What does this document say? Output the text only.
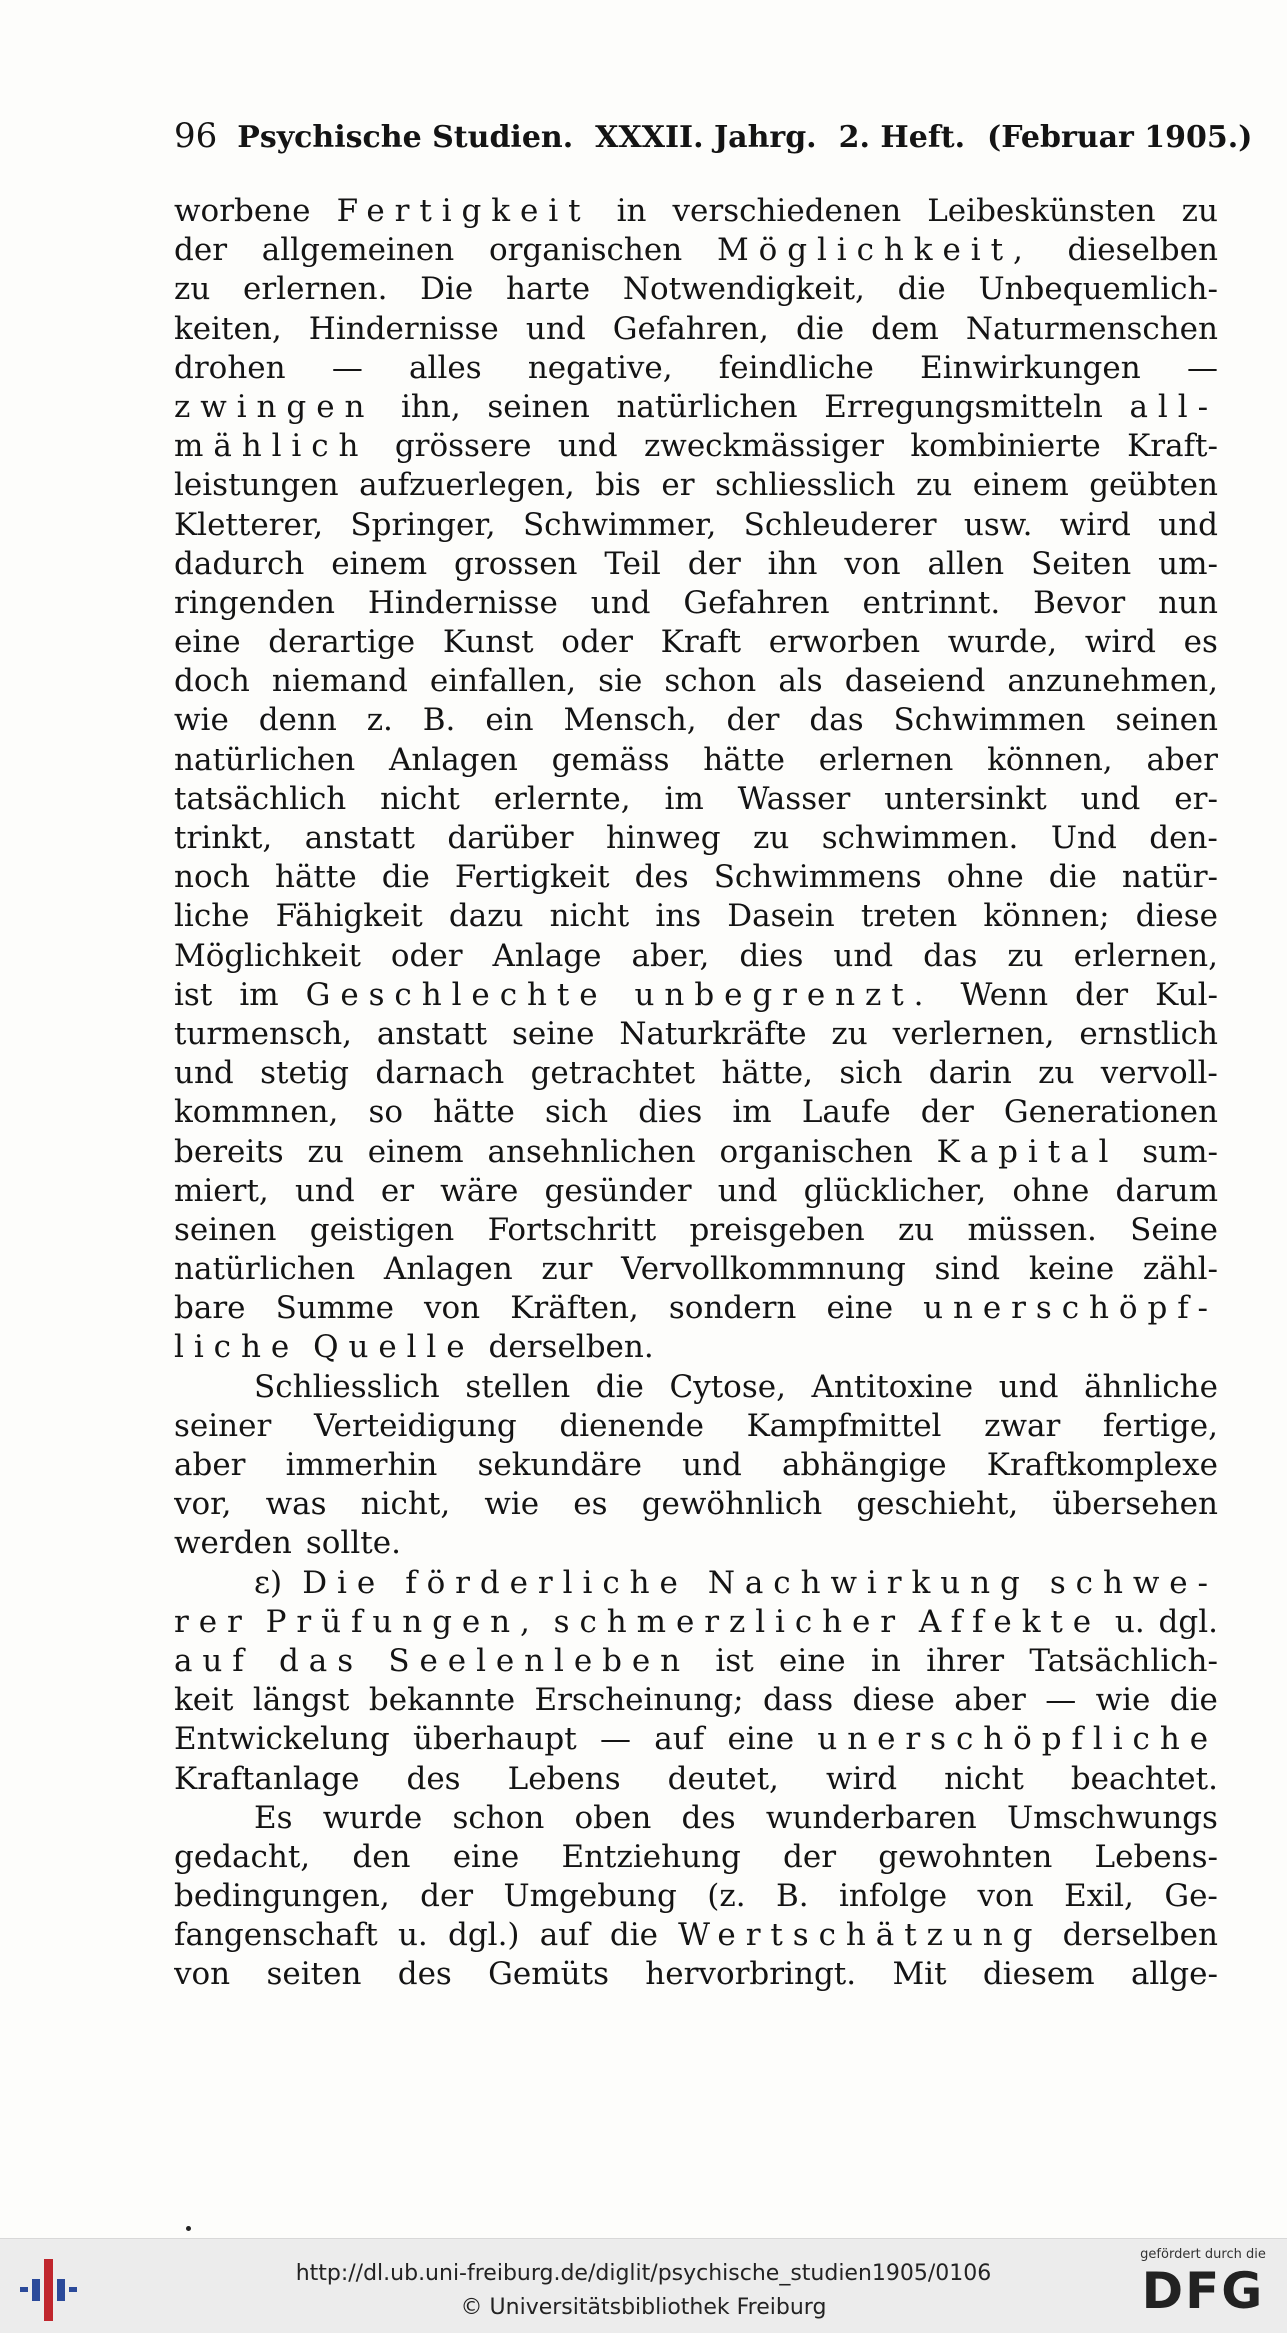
96 Psychische Studien. XXXII. Jahrg. 2. Heft. (Februar 1905.)
worbene Fertigkeit in verschiedenen Leibeskünsten zu
der allgemeinen organischen Möglichkeit, dieselben
zu erlernen. Die harte Notwendigkeit, die Unbequemlich-
keiten, Hindernisse und Gefahren, die dem Naturmenschen
drohen — alles negative, feindliche Einwirkungen —
zwingen ihn, seinen natürlichen Erregungsmitteln all-
mählich grössere und zweckmässiger kombinierte Kraft-
leistungen aufzuerlegen, bis er schliesslich zu einem geübten
Kletterer, Springer, Schwimmer, Schleuderer usw. wird und
dadurch einem grossen Teil der ihn von allen Seiten um-
ringenden Hindernisse und Gefahren entrinnt. Bevor nun
eine derartige Kunst oder Kraft erworben wurde, wird es
doch niemand einfallen, sie schon als daseiend anzunehmen,
wie denn z. B. ein Mensch, der das Schwimmen seinen
natürlichen Anlagen gemäss hätte erlernen können, aber
tatsächlich nicht erlernte, im Wasser untersinkt und er-
trinkt, anstatt darüber hinweg zu schwimmen. Und den-
noch hätte die Fertigkeit des Schwimmens ohne die natür-
liche Fähigkeit dazu nicht ins Dasein treten können; diese
Möglichkeit oder Anlage aber, dies und das zu erlernen,
ist im Geschlechte unbegrenzt. Wenn der Kul-
turmensch, anstatt seine Naturkräfte zu verlernen, ernstlich
und stetig darnach getrachtet hätte, sich darin zu vervoll-
kommnen, so hätte sich dies im Laufe der Generationen
bereits zu einem ansehnlichen organischen Kapital sum-
miert, und er wäre gesünder und glücklicher, ohne darum
seinen geistigen Fortschritt preisgeben zu müssen. Seine
natürlichen Anlagen zur Vervollkommnung sind keine zähl-
bare Summe von Kräften, sondern eine unerschöpf-
liche Quelle derselben.
Schliesslich stellen die Cytose, Antitoxine und ähnliche
seiner Verteidigung dienende Kampfmittel zwar fertige,
aber immerhin sekundäre und abhängige Kraftkomplexe
vor, was nicht, wie es gewöhnlich geschieht, übersehen
werden sollte.
ε) Die förderliche Nachwirkung schwe-
rer Prüfungen, schmerzlicher Affekte u. dgl.
auf das Seelenleben ist eine in ihrer Tatsächlich-
keit längst bekannte Erscheinung; dass diese aber — wie die
Entwickelung überhaupt — auf eine unerschöpfliche
Kraftanlage des Lebens deutet, wird nicht beachtet.
Es wurde schon oben des wunderbaren Umschwungs
gedacht, den eine Entziehung der gewohnten Lebens-
bedingungen, der Umgebung (z. B. infolge von Exil, Ge-
fangenschaft u. dgl.) auf die Wertschätzung derselben
von seiten des Gemüts hervorbringt. Mit diesem allge-
http://dl.ub.uni-freiburg.de/diglit/psychische_studien1905/0106
© Universitätsbibliothek Freiburg
gefördert durch die
DFG
